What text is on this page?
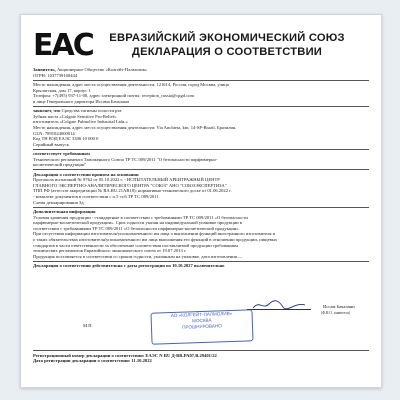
EAC	ЕВРАЗИЙСКИЙ ЭКОНОМИЧЕСКИЙ СОЮЗ
ДЕКЛАРАЦИЯ О СООТВЕТСТВИИ
Заявитель, Акционерное Общество «Колгейт-Палмолив»
ОГРН: 1037739168444
Место нахождения, адрес места осуществления деятельности: 121614, Россия, город Москва, улица
Крылатская, дом 17, корпус 1
Телефон: +7(495) 937-11-00, адрес электронной почты: reception_russia@cpgd.com
в лице Генерального директора Иссама Бачалани
заявляет, что Средства гигиены полости рта
Зубная паста «Colgate Sensitive Pro-Relief»
изготовитель «Colgate Palmolive Industrial Ltda.»
Место нахождения, адрес места осуществления деятельности: Via Anchieta, km. 14-SP-Brazil, Бразилия.
GLN: 7891024000014
Код ТН ВЭД ЕАЭС 3306 10 000 0
Серийный выпуск
соответствует требованиям
Технического регламента Таможенного Союза ТР ТС 009/2011 "О безопасности парфюмерно-
косметической продукции"
Декларация о соответствии принята на основании
Протокола испытаний № 9762 от 05.10.2022 г. - ИСПЫТАТЕЛЬНЫЙ АРБИТРАЖНЫЙ ЦЕНТР
ГЛАВНОГО ЭКСПЕРТНО-АНАЛИТИЧЕСКОГО ЦЕНТРА "СОЮЗ" АНО "СОЮЗЭКСПЕРТИЗА"
ТПП РФ (аттестат аккредитации № RA.RU.21AB10); нормативно-технического досье от 01.06.2022 г.
- комплект документов в соответствии с п.5 ст.6 ТР ТС 009/2011
Схема декларирования 3д
Дополнительная информация
Условия хранения продукции - стандартные в соответствии с требованиями ТР ТС 009/2011 «О безопасности
парфюмерно-косметической продукции». Срок годности указан на индивидуальной упаковке продукции в
соответствии с требованиями ТР ТС 009/2011 «О безопасности парфюмерно-косметической продукции».
При отсутствии информации изготовителя/уполномоченного им лица о выполнении функций иностранного изготовителя и
о таких обязательствах изготовителя/уполномоченного им лица выполнения его функций в отношении продукции, пищевых
стандартов в части ответственности за обеспечение соответствия поставляемой продукции требованиям
технических регламентов Евразийского экономического союза от 19.07.2013 г.
Продукция поставляется в соответствии со сроком годности, указанным на упаковке, дата изготовления —
Декларация о соответствии действительна с даты регистрации по 10.10.2027 включительно
Иссам Бачалани
(Ф.И.О. заявителя)
М.П.
АО «КОЛГЕЙТ-ПАЛМОЛИВ»
МОСКВА
ПРОШНУРОВАНО
Регистрационный номер декларации о соответствии: ЕАЭС N RU Д-BR.PA07.B.29401/22
Дата регистрации декларации о соответствии: 11.10.2022
